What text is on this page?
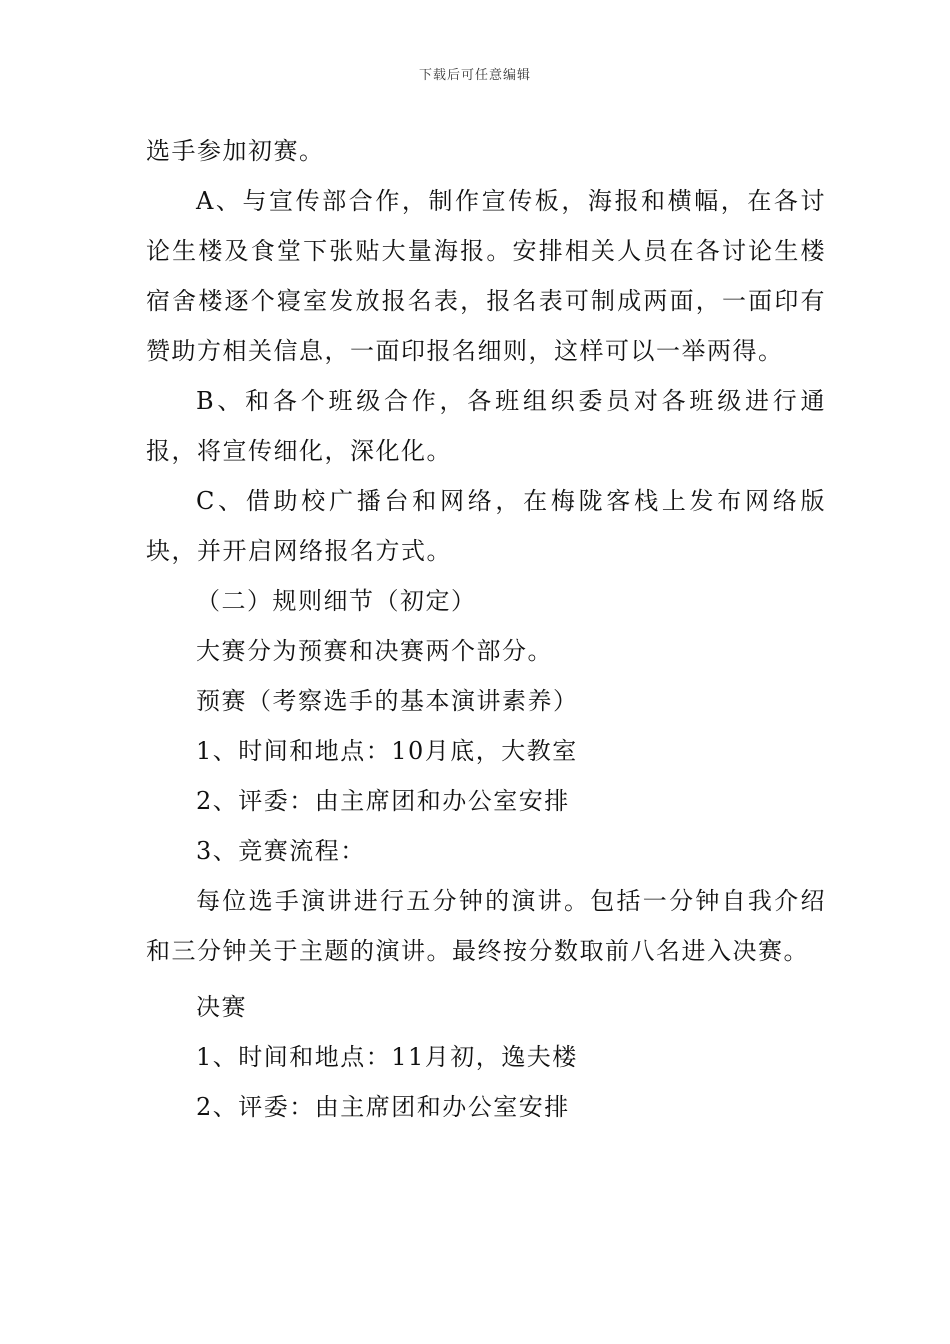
下载后可任意编辑

选手参加初赛。

A、与宣传部合作，制作宣传板，海报和横幅，在各讨论生楼及食堂下张贴大量海报。安排相关人员在各讨论生楼宿舍楼逐个寝室发放报名表，报名表可制成两面，一面印有赞助方相关信息，一面印报名细则，这样可以一举两得。

B、和各个班级合作，各班组织委员对各班级进行通报，将宣传细化，深化化。

C、借助校广播台和网络，在梅陇客栈上发布网络版块，并开启网络报名方式。

（二）规则细节（初定）

大赛分为预赛和决赛两个部分。

预赛（考察选手的基本演讲素养）

1、时间和地点：10月底，大教室

2、评委：由主席团和办公室安排

3、竞赛流程：

每位选手演讲进行五分钟的演讲。包括一分钟自我介绍和三分钟关于主题的演讲。最终按分数取前八名进入决赛。

决赛

1、时间和地点：11月初，逸夫楼

2、评委：由主席团和办公室安排
